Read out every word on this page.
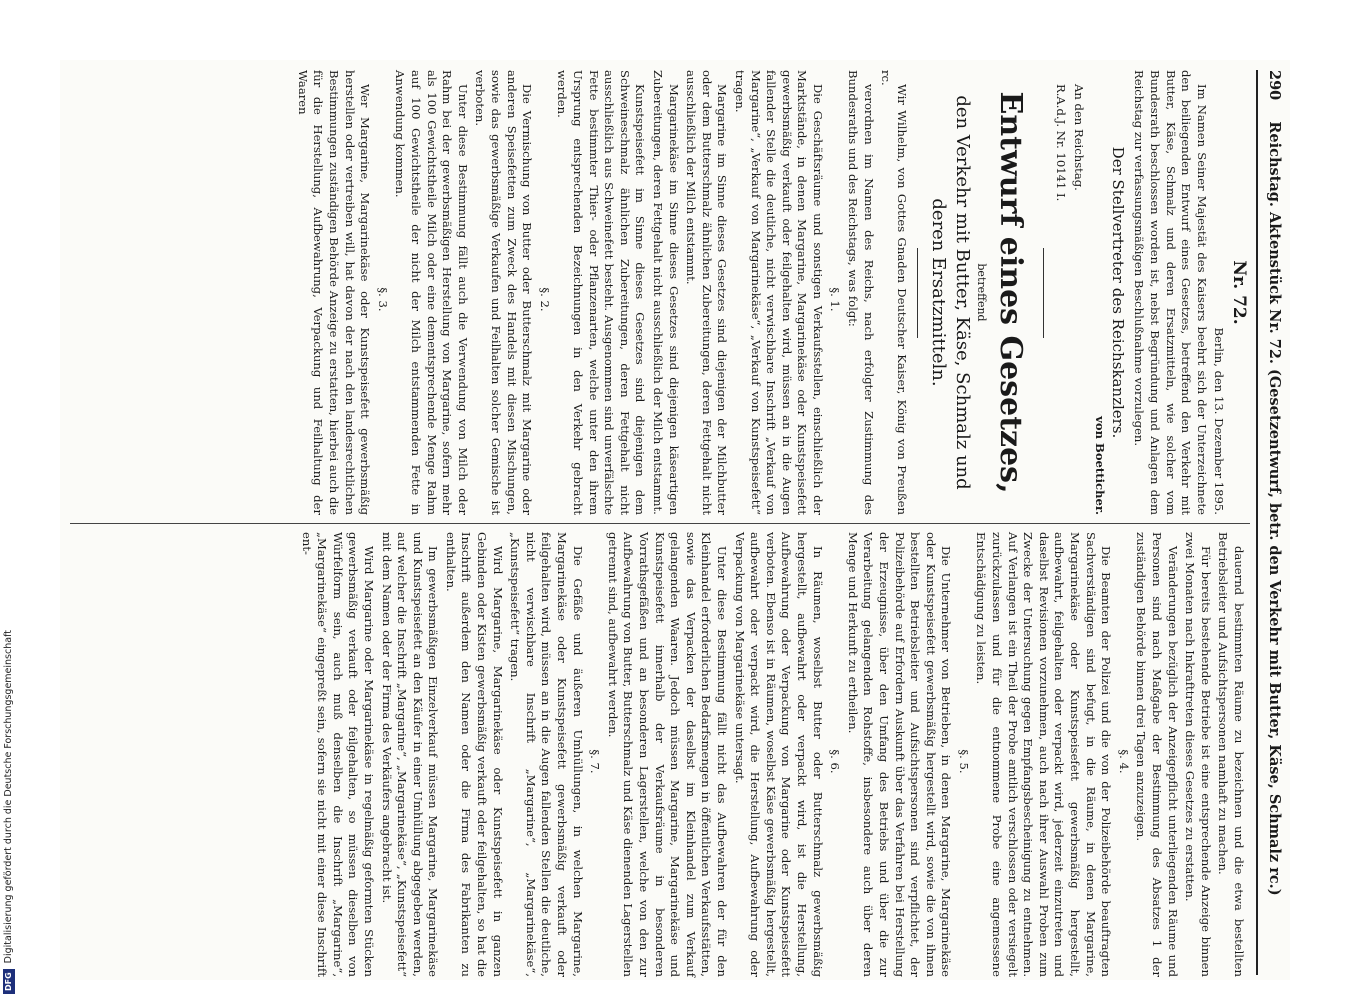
290 Reichstag. Aktenstück Nr. 72. (Gesetzentwurf, betr. den Verkehr mit Butter, Käse, Schmalz rc.)
Nr. 72.

Berlin, den 13. Dezember 1895.

Im Namen Seiner Majestät des Kaisers beehrt sich der Unterzeichnete den beiliegenden Entwurf eines Gesetzes, betreffend den Verkehr mit Butter, Käse, Schmalz und deren Ersatzmitteln, wie solcher vom Bundesrath beschlossen worden ist, nebst Begründung und Anlagen dem Reichstag zur verfassungsmäßigen Beschlußnahme vorzulegen.

Der Stellvertreter des Reichskanzlers.
von Boetticher.

An den Reichstag.

R.A.d.J. Nr. 10141 I.

Entwurf eines Gesetzes,
betreffend
den Verkehr mit Butter, Käse, Schmalz und deren Ersatzmitteln.

Wir Wilhelm, von Gottes Gnaden Deutscher Kaiser, König von Preußen rc.

verordnen im Namen des Reichs, nach erfolgter Zustimmung des Bundesraths und des Reichstags, was folgt:

§. 1.

Die Geschäftsräume und sonstigen Verkaufsstellen, einschließlich der Marktstände, in denen Margarine, Margarinekäse oder Kunstspeisefett gewerbsmäßig verkauft oder feilgehalten wird, müssen an in die Augen fallender Stelle die deutliche, nicht verwischbare Inschrift „Verkauf von Margarine“, „Verkauf von Margarinekäse“, „Verkauf von Kunstspeisefett“ tragen.

Margarine im Sinne dieses Gesetzes sind diejenigen der Milchbutter oder dem Butterschmalz ähnlichen Zubereitungen, deren Fettgehalt nicht ausschließlich der Milch entstammt.

Margarinekäse im Sinne dieses Gesetzes sind diejenigen käseartigen Zubereitungen, deren Fettgehalt nicht ausschließlich der Milch entstammt.

Kunstspeisefett im Sinne dieses Gesetzes sind diejenigen dem Schweineschmalz ähnlichen Zubereitungen, deren Fettgehalt nicht ausschließlich aus Schweinefett besteht. Ausgenommen sind unverfälschte Fette bestimmter Thier- oder Pflanzenarten, welche unter den ihrem Ursprung entsprechenden Bezeichnungen in den Verkehr gebracht werden.

§. 2.

Die Vermischung von Butter oder Butterschmalz mit Margarine oder anderen Speisefetten zum Zweck des Handels mit diesen Mischungen, sowie das gewerbsmäßige Verkaufen und Feilhalten solcher Gemische ist verboten.

Unter diese Bestimmung fällt auch die Verwendung von Milch oder Rahm bei der gewerbsmäßigen Herstellung von Margarine, sofern mehr als 100 Gewichtstheile Milch oder eine dementsprechende Menge Rahm auf 100 Gewichtstheile der nicht der Milch entstammenden Fette in Anwendung kommen.

§. 3.

Wer Margarine, Margarinekäse oder Kunstspeisefett gewerbsmäßig herstellen oder vertreiben will, hat davon der nach den landesrechtlichen Bestimmungen zuständigen Behörde Anzeige zu erstatten, hierbei auch die für die Herstellung, Aufbewahrung, Verpackung und Feilhaltung der Waaren

dauernd bestimmten Räume zu bezeichnen und die etwa bestellten Betriebsleiter und Aufsichtspersonen namhaft zu machen.

Für bereits bestehende Betriebe ist eine entsprechende Anzeige binnen zwei Monaten nach Inkrafttreten dieses Gesetzes zu erstatten.

Veränderungen bezüglich der Anzeigepflicht unterliegenden Räume und Personen sind nach Maßgabe der Bestimmung des Absatzes 1 der zuständigen Behörde binnen drei Tagen anzuzeigen.

§. 4.

Die Beamten der Polizei und die von der Polizeibehörde beauftragten Sachverständigen sind befugt, in die Räume, in denen Margarine, Margarinekäse oder Kunstspeisefett gewerbsmäßig hergestellt, aufbewahrt, feilgehalten oder verpackt wird, jederzeit einzutreten und daselbst Revisionen vorzunehmen, auch nach ihrer Auswahl Proben zum Zwecke der Untersuchung gegen Empfangsbescheinigung zu entnehmen. Auf Verlangen ist ein Theil der Probe amtlich verschlossen oder versiegelt zurückzulassen und für die entnommene Probe eine angemessene Entschädigung zu leisten.

§. 5.

Die Unternehmer von Betrieben, in denen Margarine, Margarinekäse oder Kunstspeisefett gewerbsmäßig hergestellt wird, sowie die von ihnen bestellten Betriebsleiter und Aufsichtspersonen sind verpflichtet, der Polizeibehörde auf Erfordern Auskunft über das Verfahren bei Herstellung der Erzeugnisse, über den Umfang des Betriebs und über die zur Verarbeitung gelangenden Rohstoffe, insbesondere auch über deren Menge und Herkunft zu ertheilen.

§. 6.

In Räumen, woselbst Butter oder Butterschmalz gewerbsmäßig hergestellt, aufbewahrt oder verpackt wird, ist die Herstellung, Aufbewahrung oder Verpackung von Margarine oder Kunstspeisefett verboten. Ebenso ist in Räumen, woselbst Käse gewerbsmäßig hergestellt, aufbewahrt oder verpackt wird, die Herstellung, Aufbewahrung oder Verpackung von Margarinekäse untersagt.

Unter diese Bestimmung fällt nicht das Aufbewahren der für den Kleinhandel erforderlichen Bedarfsmengen in öffentlichen Verkaufsstätten, sowie das Verpacken der daselbst im Kleinhandel zum Verkauf gelangenden Waaren. Jedoch müssen Margarine, Margarinekäse und Kunstspeisefett innerhalb der Verkaufsräume in besonderen Vorrathsgefäßen und an besonderen Lagerstellen, welche von den zur Aufbewahrung von Butter, Butterschmalz und Käse dienenden Lagerstellen getrennt sind, aufbewahrt werden.

§. 7.

Die Gefäße und äußeren Umhüllungen, in welchen Margarine, Margarinekäse oder Kunstspeisefett gewerbsmäßig verkauft oder feilgehalten wird, müssen an in die Augen fallenden Stellen die deutliche, nicht verwischbare Inschrift „Margarine“, „Margarinekäse“, „Kunstspeisefett“ tragen.

Wird Margarine, Margarinekäse oder Kunstspeisefett in ganzen Gebinden oder Kisten gewerbsmäßig verkauft oder feilgehalten, so hat die Inschrift außerdem den Namen oder die Firma des Fabrikanten zu enthalten.

Im gewerbsmäßigen Einzelverkauf müssen Margarine, Margarinekäse und Kunstspeisefett an den Käufer in einer Umhüllung abgegeben werden, auf welcher die Inschrift „Margarine“, „Margarinekäse“, „Kunstspeisefett“ mit dem Namen oder der Firma des Verkäufers angebracht ist.

Wird Margarine oder Margarinekäse in regelmäßig geformten Stücken gewerbsmäßig verkauft oder feilgehalten, so müssen dieselben von Würfelform sein, auch muß denselben die Inschrift „Margarine“, „Margarinekäse“ eingepreßt sein, sofern sie nicht mit einer diese Inschrift ent-

DFG
Digitalisierung gefördert durch die Deutsche Forschungsgemeinschaft
